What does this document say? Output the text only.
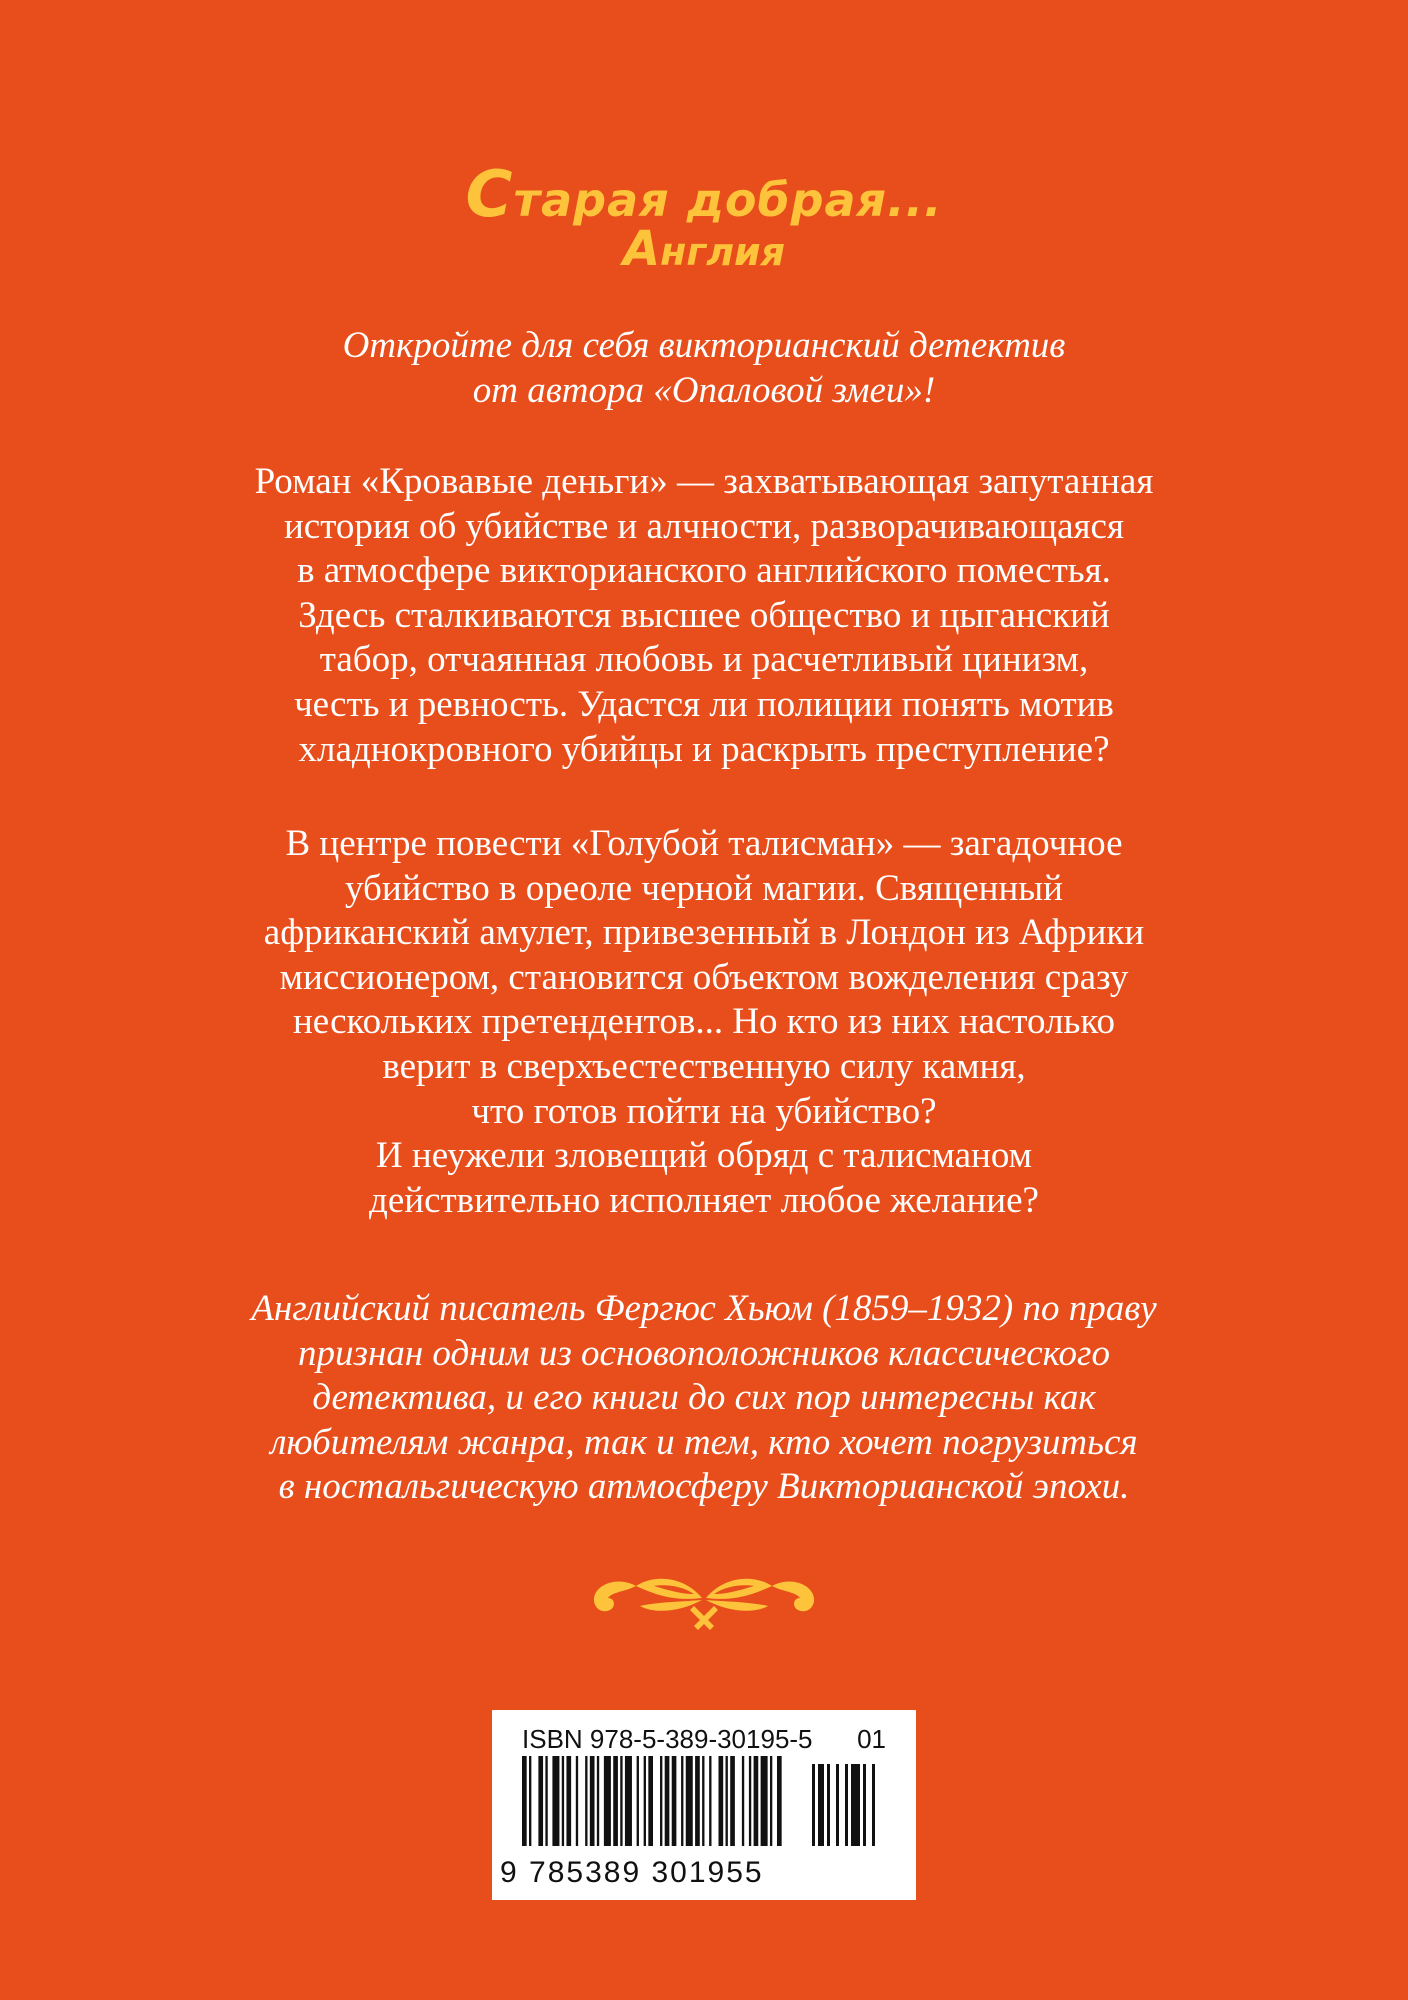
Старая добрая...
Англия
Откройте для себя викторианский детектив
от автора «Опаловой змеи»!
Роман «Кровавые деньги» — захватывающая запутанная
история об убийстве и алчности, разворачивающаяся
в атмосфере викторианского английского поместья.
Здесь сталкиваются высшее общество и цыганский
табор, отчаянная любовь и расчетливый цинизм,
честь и ревность. Удастся ли полиции понять мотив
хладнокровного убийцы и раскрыть преступление?
В центре повести «Голубой талисман» — загадочное
убийство в ореоле черной магии. Священный
африканский амулет, привезенный в Лондон из Африки
миссионером, становится объектом вожделения сразу
нескольких претендентов... Но кто из них настолько
верит в сверхъестественную силу камня,
что готов пойти на убийство?
И неужели зловещий обряд с талисманом
действительно исполняет любое желание?
Английский писатель Фергюс Хьюм (1859–1932) по праву
признан одним из основоположников классического
детектива, и его книги до сих пор интересны как
любителям жанра, так и тем, кто хочет погрузиться
в ностальгическую атмосферу Викторианской эпохи.
ISBN 978-5-389-30195-5 01
9 785389 301955
